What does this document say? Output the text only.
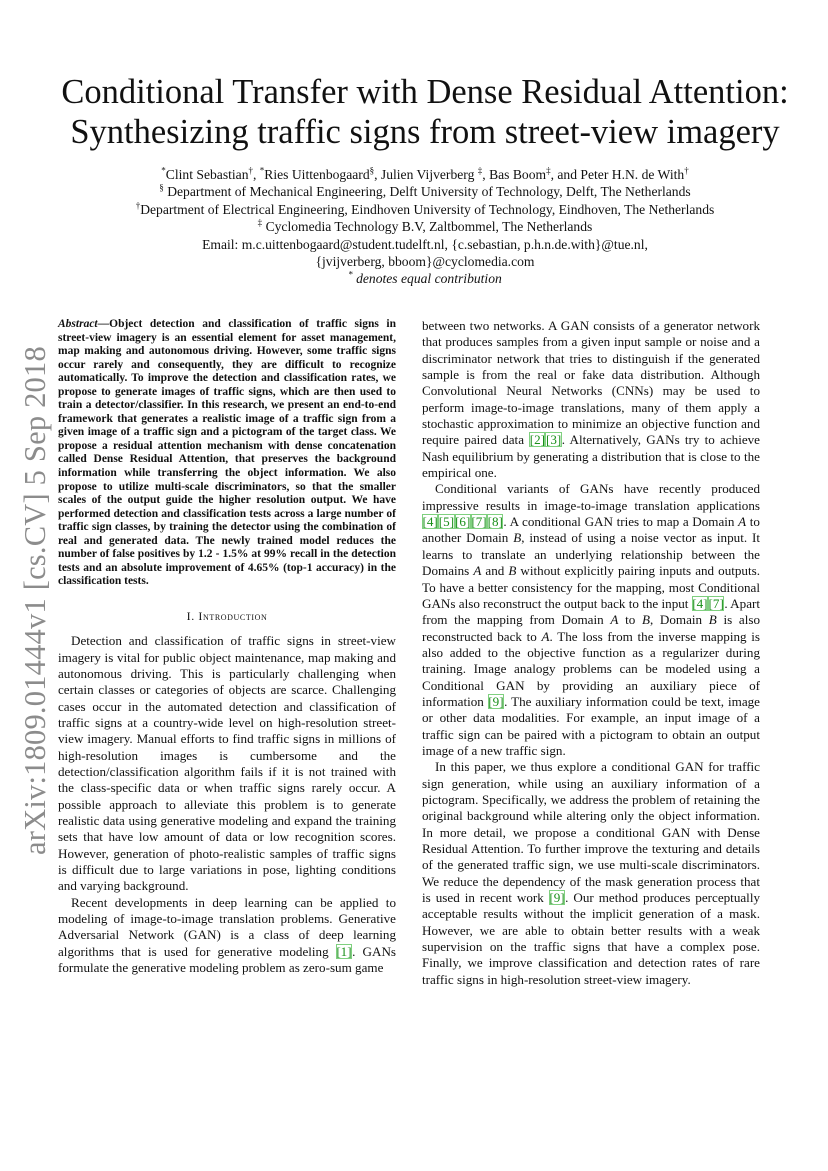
arXiv:1809.01444v1 [cs.CV] 5 Sep 2018
Conditional Transfer with Dense Residual Attention:
Synthesizing traffic signs from street-view imagery
*Clint Sebastian†, *Ries Uittenbogaard§, Julien Vijverberg ‡, Bas Boom‡, and Peter H.N. de With†
§ Department of Mechanical Engineering, Delft University of Technology, Delft, The Netherlands
†Department of Electrical Engineering, Eindhoven University of Technology, Eindhoven, The Netherlands
‡ Cyclomedia Technology B.V, Zaltbommel, The Netherlands
Email: m.c.uittenbogaard@student.tudelft.nl, {c.sebastian, p.h.n.de.with}@tue.nl,
{jvijverberg, bboom}@cyclomedia.com
* denotes equal contribution

Abstract—Object detection and classification of traffic signs in street-view imagery is an essential element for asset management, map making and autonomous driving. However, some traffic signs occur rarely and consequently, they are difficult to recognize automatically. To improve the detection and classification rates, we propose to generate images of traffic signs, which are then used to train a detector/classifier. In this research, we present an end-to-end framework that generates a realistic image of a traffic sign from a given image of a traffic sign and a pictogram of the target class. We propose a residual attention mechanism with dense concatenation called Dense Residual Attention, that preserves the background information while transferring the object information. We also propose to utilize multi-scale discriminators, so that the smaller scales of the output guide the higher resolution output. We have performed detection and classification tests across a large number of traffic sign classes, by training the detector using the combination of real and generated data. The newly trained model reduces the number of false positives by 1.2 - 1.5% at 99% recall in the detection tests and an absolute improvement of 4.65% (top-1 accuracy) in the classification tests.

I. Introduction

Detection and classification of traffic signs in street-view imagery is vital for public object maintenance, map making and autonomous driving. This is particularly challenging when certain classes or categories of objects are scarce. Challenging cases occur in the automated detection and classification of traffic signs at a country-wide level on high-resolution street-view imagery. Manual efforts to find traffic signs in millions of high-resolution images is cumbersome and the detection/classification algorithm fails if it is not trained with the class-specific data or when traffic signs rarely occur. A possible approach to alleviate this problem is to generate realistic data using generative modeling and expand the training sets that have low amount of data or low recognition scores. However, generation of photo-realistic samples of traffic signs is difficult due to large variations in pose, lighting conditions and varying background.

Recent developments in deep learning can be applied to modeling of image-to-image translation problems. Generative Adversarial Network (GAN) is a class of deep learning algorithms that is used for generative modeling [1]. GANs formulate the generative modeling problem as zero-sum game

between two networks. A GAN consists of a generator network that produces samples from a given input sample or noise and a discriminator network that tries to distinguish if the generated sample is from the real or fake data distribution. Although Convolutional Neural Networks (CNNs) may be used to perform image-to-image translations, many of them apply a stochastic approximation to minimize an objective function and require paired data [2][3]. Alternatively, GANs try to achieve Nash equilibrium by generating a distribution that is close to the empirical one.

Conditional variants of GANs have recently produced impressive results in image-to-image translation applications [4][5][6][7][8]. A conditional GAN tries to map a Domain A to another Domain B, instead of using a noise vector as input. It learns to translate an underlying relationship between the Domains A and B without explicitly pairing inputs and outputs. To have a better consistency for the mapping, most Conditional GANs also reconstruct the output back to the input [4][7]. Apart from the mapping from Domain A to B, Domain B is also reconstructed back to A. The loss from the inverse mapping is also added to the objective function as a regularizer during training. Image analogy problems can be modeled using a Conditional GAN by providing an auxiliary piece of information [9]. The auxiliary information could be text, image or other data modalities. For example, an input image of a traffic sign can be paired with a pictogram to obtain an output image of a new traffic sign.

In this paper, we thus explore a conditional GAN for traffic sign generation, while using an auxiliary information of a pictogram. Specifically, we address the problem of retaining the original background while altering only the object information. In more detail, we propose a conditional GAN with Dense Residual Attention. To further improve the texturing and details of the generated traffic sign, we use multi-scale discriminators. We reduce the dependency of the mask generation process that is used in recent work [9]. Our method produces perceptually acceptable results without the implicit generation of a mask. However, we are able to obtain better results with a weak supervision on the traffic signs that have a complex pose. Finally, we improve classification and detection rates of rare traffic signs in high-resolution street-view imagery.
